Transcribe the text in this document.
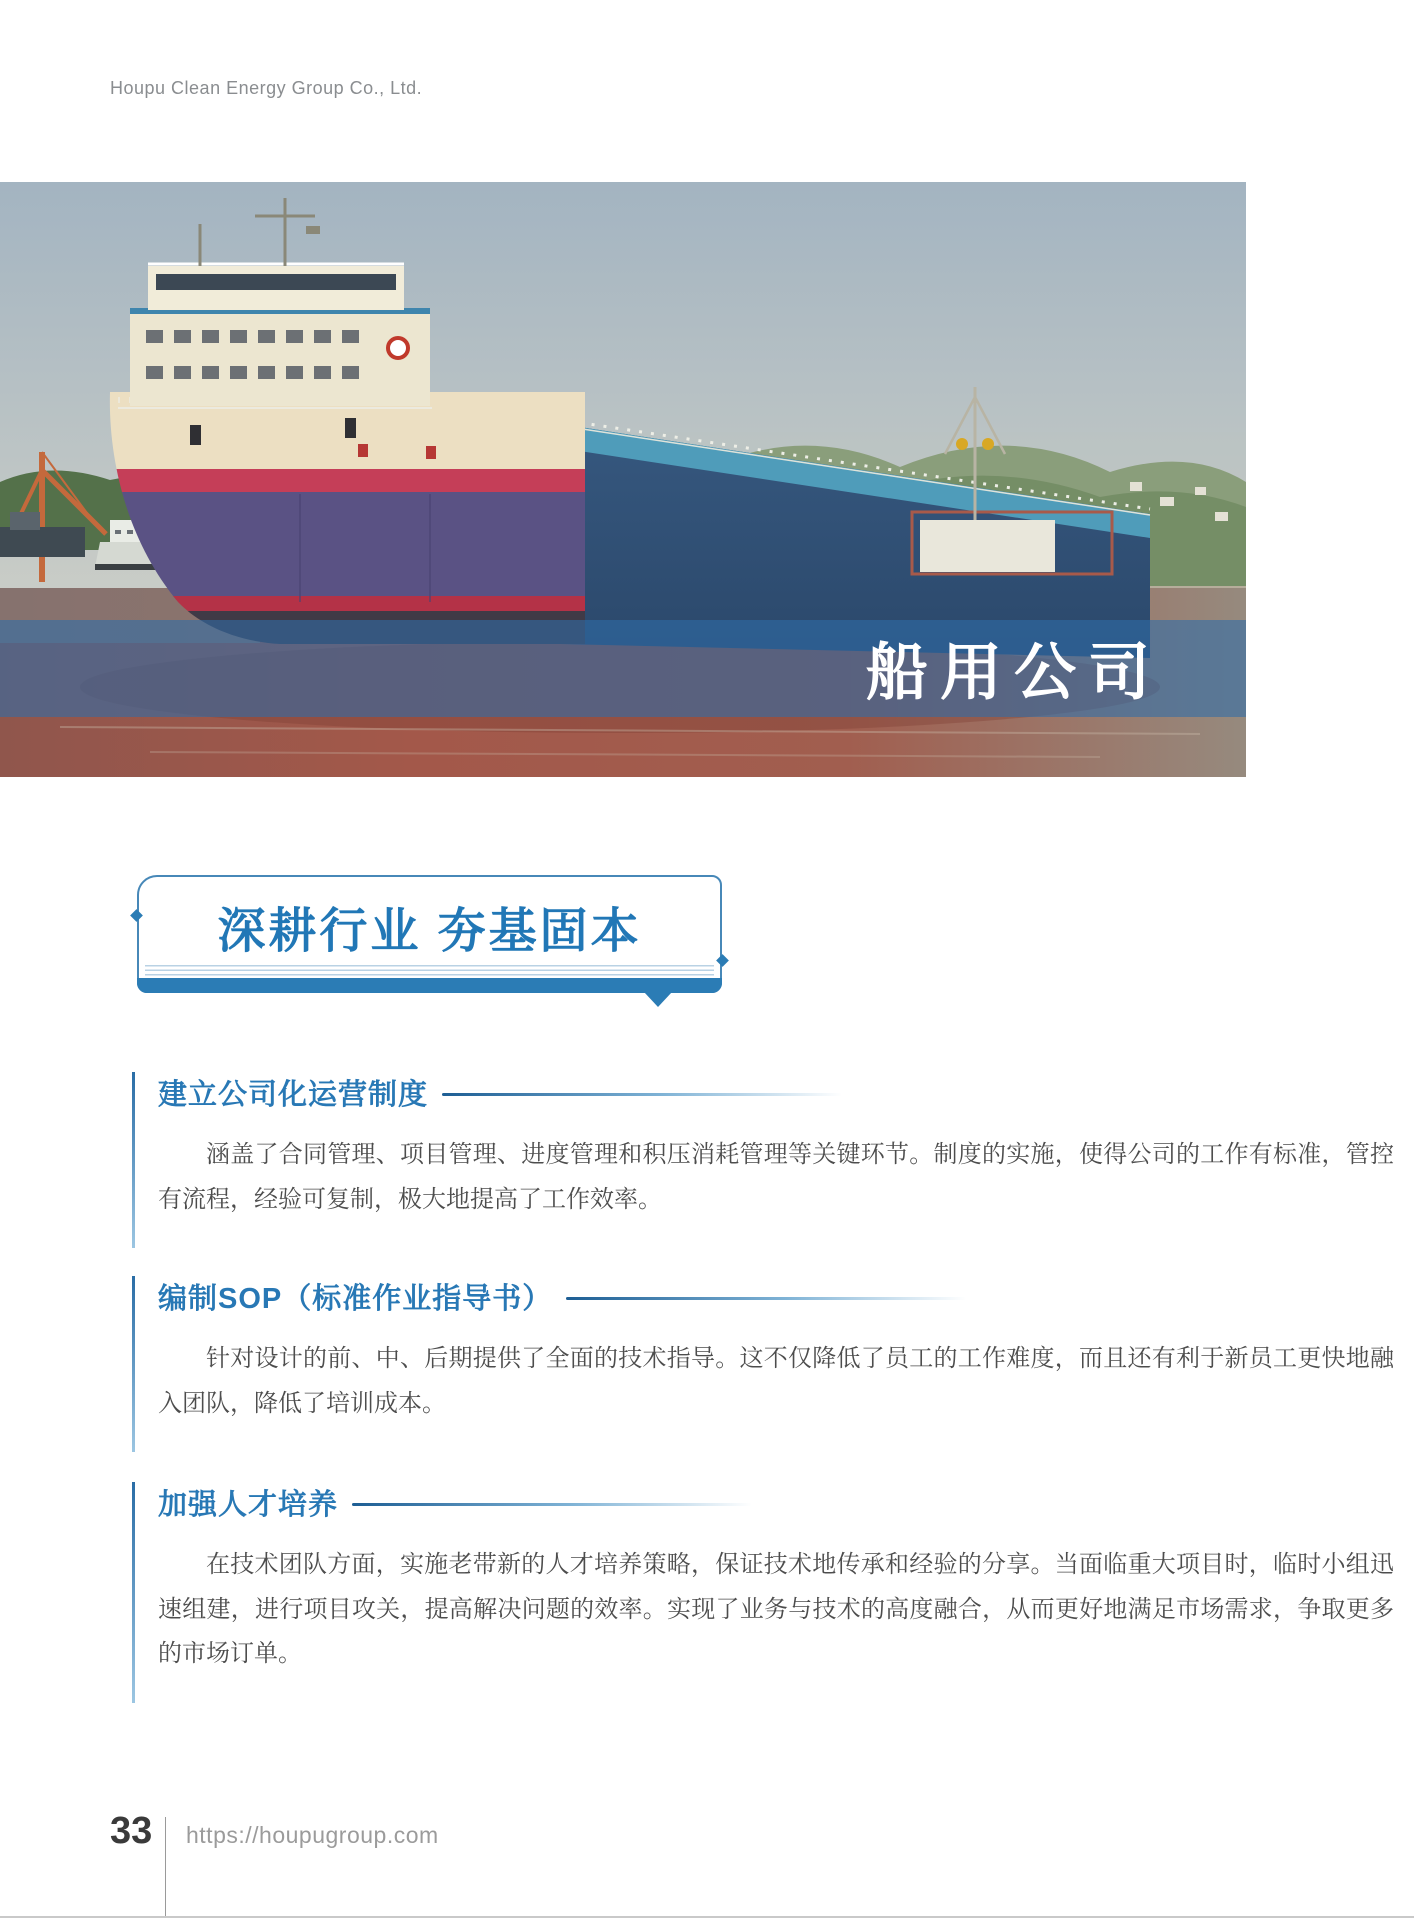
Houpu Clean Energy Group Co., Ltd.
船用公司
深耕行业 夯基固本
建立公司化运营制度

涵盖了合同管理、项目管理、进度管理和积压消耗管理等关键环节。制度的实施，使得公司的工作有标准，管控有流程，经验可复制，极大地提高了工作效率。

编制SOP（标准作业指导书）

针对设计的前、中、后期提供了全面的技术指导。这不仅降低了员工的工作难度，而且还有利于新员工更快地融入团队，降低了培训成本。

加强人才培养

在技术团队方面，实施老带新的人才培养策略，保证技术地传承和经验的分享。当面临重大项目时，临时小组迅速组建，进行项目攻关，提高解决问题的效率。实现了业务与技术的高度融合，从而更好地满足市场需求，争取更多的市场订单。

33 https://houpugroup.com
